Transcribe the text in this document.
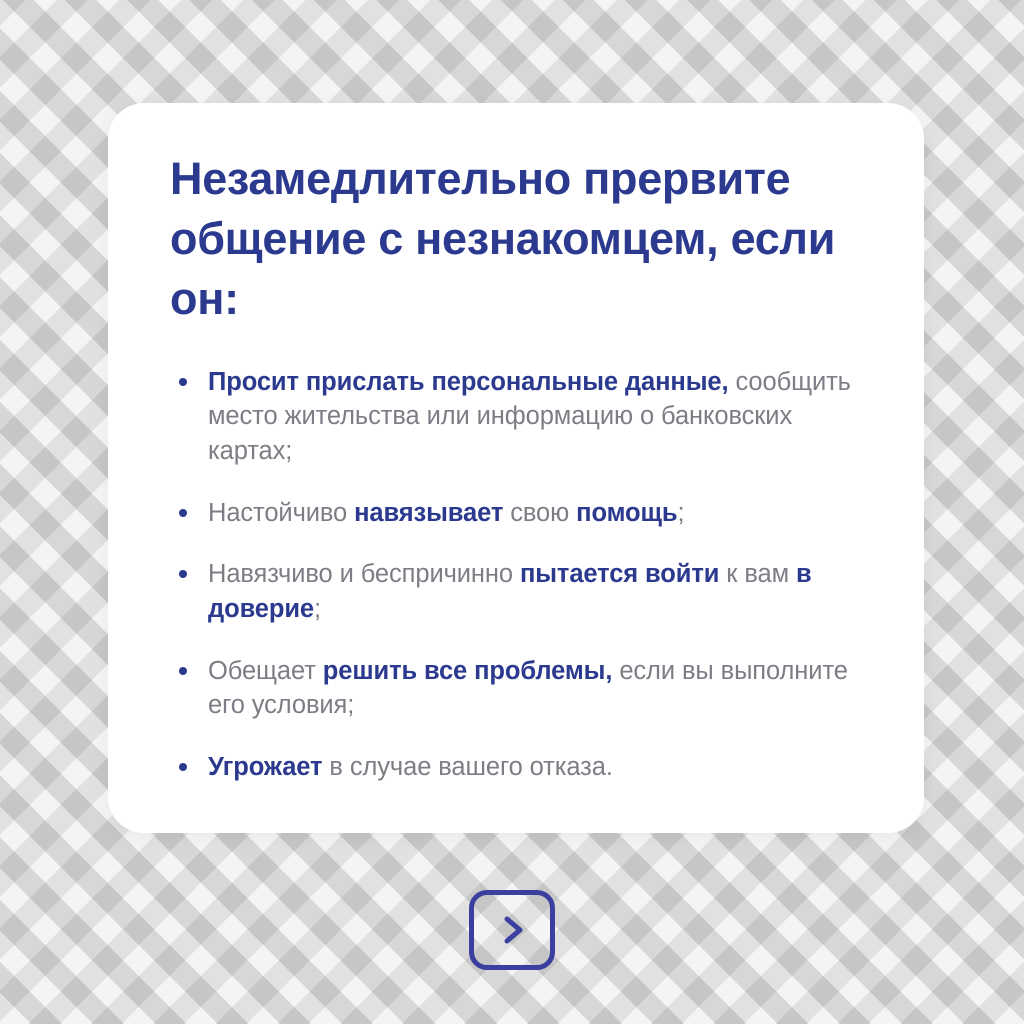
Незамедлительно прервите общение с незнакомцем, если он:
Просит прислать персональные данные, сообщить место жительства или информацию о банковских картах;
Настойчиво навязывает свою помощь;
Навязчиво и беспричинно пытается войти к вам в доверие;
Обещает решить все проблемы, если вы выполните его условия;
Угрожает в случае вашего отказа.
